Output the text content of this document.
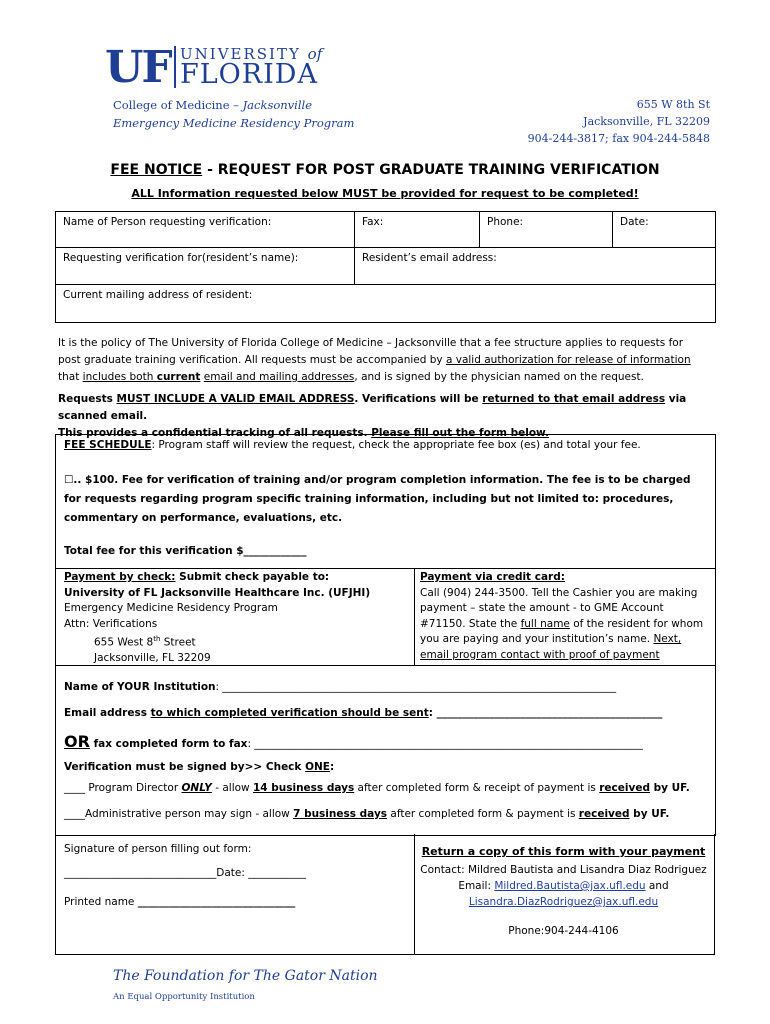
UF UNIVERSITY of
FLORIDA
College of Medicine – Jacksonville
Emergency Medicine Residency Program
655 W 8th St
Jacksonville, FL 32209
904-244-3817; fax 904-244-5848
FEE NOTICE - REQUEST FOR POST GRADUATE TRAINING VERIFICATION
ALL Information requested below MUST be provided for request to be completed!
Name of Person requesting verification:	Fax:	Phone:	Date:
Requesting verification for(resident’s name):	Resident’s email address:		
Current mailing address of resident:			
It is the policy of The University of Florida College of Medicine – Jacksonville that a fee structure applies to requests for post graduate training verification. All requests must be accompanied by a valid authorization for release of information that includes both current email and mailing addresses, and is signed by the physician named on the request.
Requests MUST INCLUDE A VALID EMAIL ADDRESS. Verifications will be returned to that email address via scanned email.
This provides a confidential tracking of all requests. Please fill out the form below.
FEE SCHEDULE: Program staff will review the request, check the appropriate fee box (es) and total your fee.
☐.. $100. Fee for verification of training and/or program completion information. The fee is to be charged for requests regarding program specific training information, including but not limited to: procedures, commentary on performance, evaluations, etc.
Total fee for this verification $____________
Payment by check: Submit check payable to:
University of FL Jacksonville Healthcare Inc. (UFJHI)
Emergency Medicine Residency Program
Attn: Verifications
655 West 8th Street
Jacksonville, FL 32209
Payment via credit card:
Call (904) 244-3500. Tell the Cashier you are making payment – state the amount - to GME Account #71150. State the full name of the resident for whom you are paying and your institution’s name. Next, email program contact with proof of payment
Name of YOUR Institution: ___________________________________________________________________________
Email address to which completed verification should be sent: ___________________________________________
OR fax completed form to fax: __________________________________________________________________________
Verification must be signed by>> Check ONE:
____ Program Director ONLY - allow 14 business days after completed form & receipt of payment is received by UF.
____Administrative person may sign - allow 7 business days after completed form & payment is received by UF.
Signature of person filling out form:
_____________________________Date: ___________
Printed name ______________________________
Return a copy of this form with your payment
Contact: Mildred Bautista and Lisandra Diaz Rodriguez
Email: Mildred.Bautista@jax.ufl.edu and
Lisandra.DiazRodriguez@jax.ufl.edu
Phone:904-244-4106
The Foundation for The Gator Nation
An Equal Opportunity Institution
